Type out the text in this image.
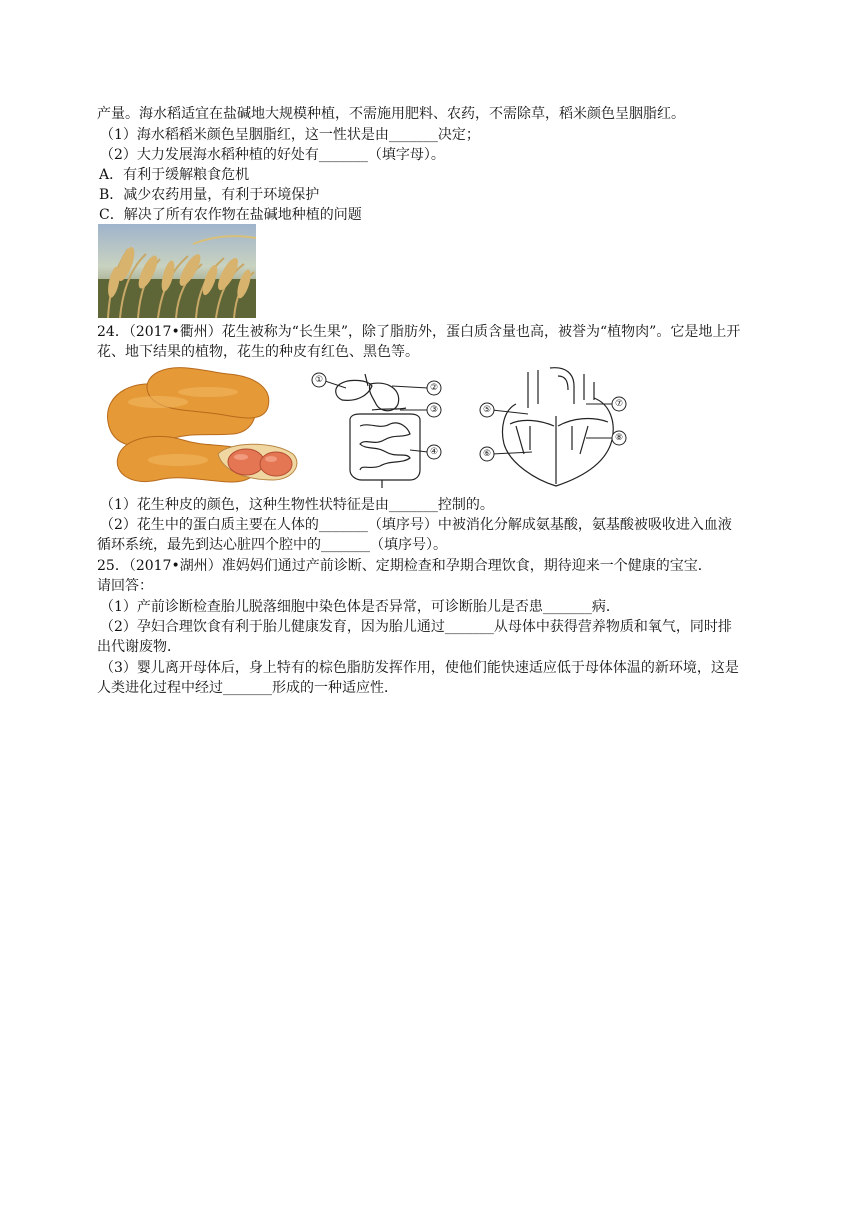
产量。海水稻适宜在盐碱地大规模种植，不需施用肥料、农药，不需除草，稻米颜色呈胭脂红。
（1）海水稻稻米颜色呈胭脂红，这一性状是由_______决定；
（2）大力发展海水稻种植的好处有_______（填字母）。
A．有利于缓解粮食危机
B．减少农药用量，有利于环境保护
C．解决了所有农作物在盐碱地种植的问题
24．（2017•衢州）花生被称为“长生果”，除了脂肪外，蛋白质含量也高，被誉为“植物肉”。它是地上开
花、地下结果的植物，花生的种皮有红色、黑色等。
①
②
③
④
⑤
⑥
⑦
⑧
（1）花生种皮的颜色，这种生物性状特征是由_______控制的。
（2）花生中的蛋白质主要在人体的_______（填序号）中被消化分解成氨基酸，氨基酸被吸收进入血液
循环系统，最先到达心脏四个腔中的_______（填序号）。
25．（2017•湖州）准妈妈们通过产前诊断、定期检查和孕期合理饮食，期待迎来一个健康的宝宝．
请回答：
（1）产前诊断检查胎儿脱落细胞中染色体是否异常，可诊断胎儿是否患_______病．
（2）孕妇合理饮食有利于胎儿健康发育，因为胎儿通过_______从母体中获得营养物质和氧气，同时排
出代谢废物．
（3）婴儿离开母体后，身上特有的棕色脂肪发挥作用，使他们能快速适应低于母体体温的新环境，这是
人类进化过程中经过_______形成的一种适应性．
